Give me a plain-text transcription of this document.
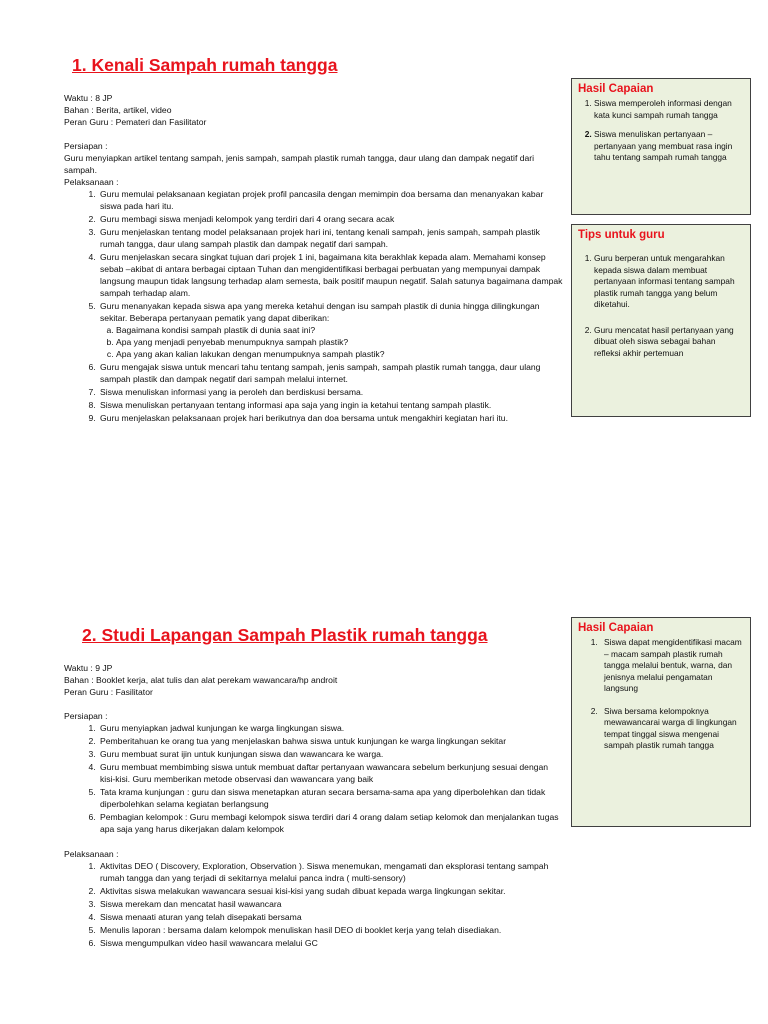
1. Kenali Sampah rumah tangga
Waktu : 8 JP
Bahan : Berita, artikel, video
Peran Guru : Pemateri dan Fasilitator
Persiapan :
Guru menyiapkan artikel tentang sampah, jenis sampah, sampah plastik rumah tangga, daur ulang dan dampak negatif dari sampah.
Pelaksanaan :
1. Guru memulai pelaksanaan kegiatan projek profil pancasila dengan memimpin doa bersama dan menanyakan kabar siswa pada hari itu.
2. Guru membagi siswa menjadi kelompok yang terdiri dari 4 orang secara acak
3. Guru menjelaskan tentang model pelaksanaan projek hari ini, tentang kenali sampah, jenis sampah, sampah plastik rumah tangga, daur ulang sampah plastik dan dampak negatif dari sampah.
4. Guru menjelaskan secara singkat tujuan dari projek 1 ini, bagaimana kita berakhlak kepada alam. Memahami konsep sebab –akibat di antara berbagai ciptaan Tuhan dan mengidentifikasi berbagai perbuatan yang mempunyai dampak langsung maupun tidak langsung terhadap alam semesta, baik positif maupun negatif. Salah satunya bagaimana dampak sampah terhadap alam.
5. Guru menanyakan kepada siswa apa yang mereka ketahui dengan isu sampah plastik di dunia hingga dilingkungan sekitar. Beberapa pertanyaan pematik yang dapat diberikan:
a. Bagaimana kondisi sampah plastik di dunia saat ini?
b. Apa yang menjadi penyebab menumpuknya sampah plastik?
c. Apa yang akan kalian lakukan dengan menumpuknya sampah plastik?
6. Guru mengajak siswa untuk mencari tahu tentang sampah, jenis sampah, sampah plastik rumah tangga, daur ulang sampah plastik dan dampak negatif dari sampah melalui internet.
7. Siswa menuliskan informasi yang ia peroleh dan berdiskusi bersama.
8. Siswa menuliskan pertanyaan tentang informasi apa saja yang ingin ia ketahui tentang sampah plastik.
9. Guru menjelaskan pelaksanaan projek hari berikutnya dan doa bersama untuk mengakhiri kegiatan hari itu.
Hasil Capaian
1. Siswa memperoleh informasi dengan kata kunci sampah rumah tangga
2. Siswa menuliskan pertanyaan – pertanyaan yang membuat rasa ingin tahu tentang sampah rumah tangga
Tips untuk guru
1. Guru berperan untuk mengarahkan kepada siswa dalam membuat pertanyaan informasi tentang sampah plastik rumah tangga yang belum diketahui.
2. Guru mencatat hasil pertanyaan yang dibuat oleh siswa sebagai bahan refleksi akhir pertemuan
2. Studi Lapangan Sampah Plastik rumah tangga
Waktu : 9 JP
Bahan : Booklet kerja, alat tulis dan alat perekam wawancara/hp androit
Peran Guru : Fasilitator
Persiapan :
1. Guru menyiapkan jadwal kunjungan ke warga lingkungan siswa.
2. Pemberitahuan ke orang tua yang menjelaskan bahwa siswa untuk kunjungan ke warga lingkungan sekitar
3. Guru membuat surat ijin untuk kunjungan siswa dan wawancara ke warga.
4. Guru membuat membimbing siswa untuk membuat daftar pertanyaan wawancara sebelum berkunjung sesuai dengan kisi-kisi. Guru memberikan metode observasi dan wawancara yang baik
5. Tata krama kunjungan : guru dan siswa menetapkan aturan secara bersama-sama apa yang diperbolehkan dan tidak diperbolehkan selama kegiatan berlangsung
6. Pembagian kelompok : Guru membagi kelompok siswa terdiri dari 4 orang dalam setiap kelomok dan menjalankan tugas apa saja yang harus dikerjakan dalam kelompok
Pelaksanaan :
1. Aktivitas DEO ( Discovery, Exploration, Observation ). Siswa menemukan, mengamati dan eksplorasi tentang sampah rumah tangga dan yang terjadi di sekitarnya melalui panca indra ( multi-sensory)
2. Aktivitas siswa melakukan wawancara sesuai kisi-kisi yang sudah dibuat kepada warga lingkungan sekitar.
3. Siswa merekam dan mencatat hasil wawancara
4. Siswa menaati aturan yang telah disepakati bersama
5. Menulis laporan : bersama dalam kelompok menuliskan hasil DEO di booklet kerja yang telah disediakan.
6. Siswa mengumpulkan video hasil wawancara melalui GC
Hasil Capaian
1. Siswa dapat mengidentifikasi macam – macam sampah plastik rumah tangga melalui bentuk, warna, dan jenisnya melalui pengamatan langsung
2. Siwa bersama kelompoknya mewawancarai warga di lingkungan tempat tinggal siswa mengenai sampah plastik rumah tangga
